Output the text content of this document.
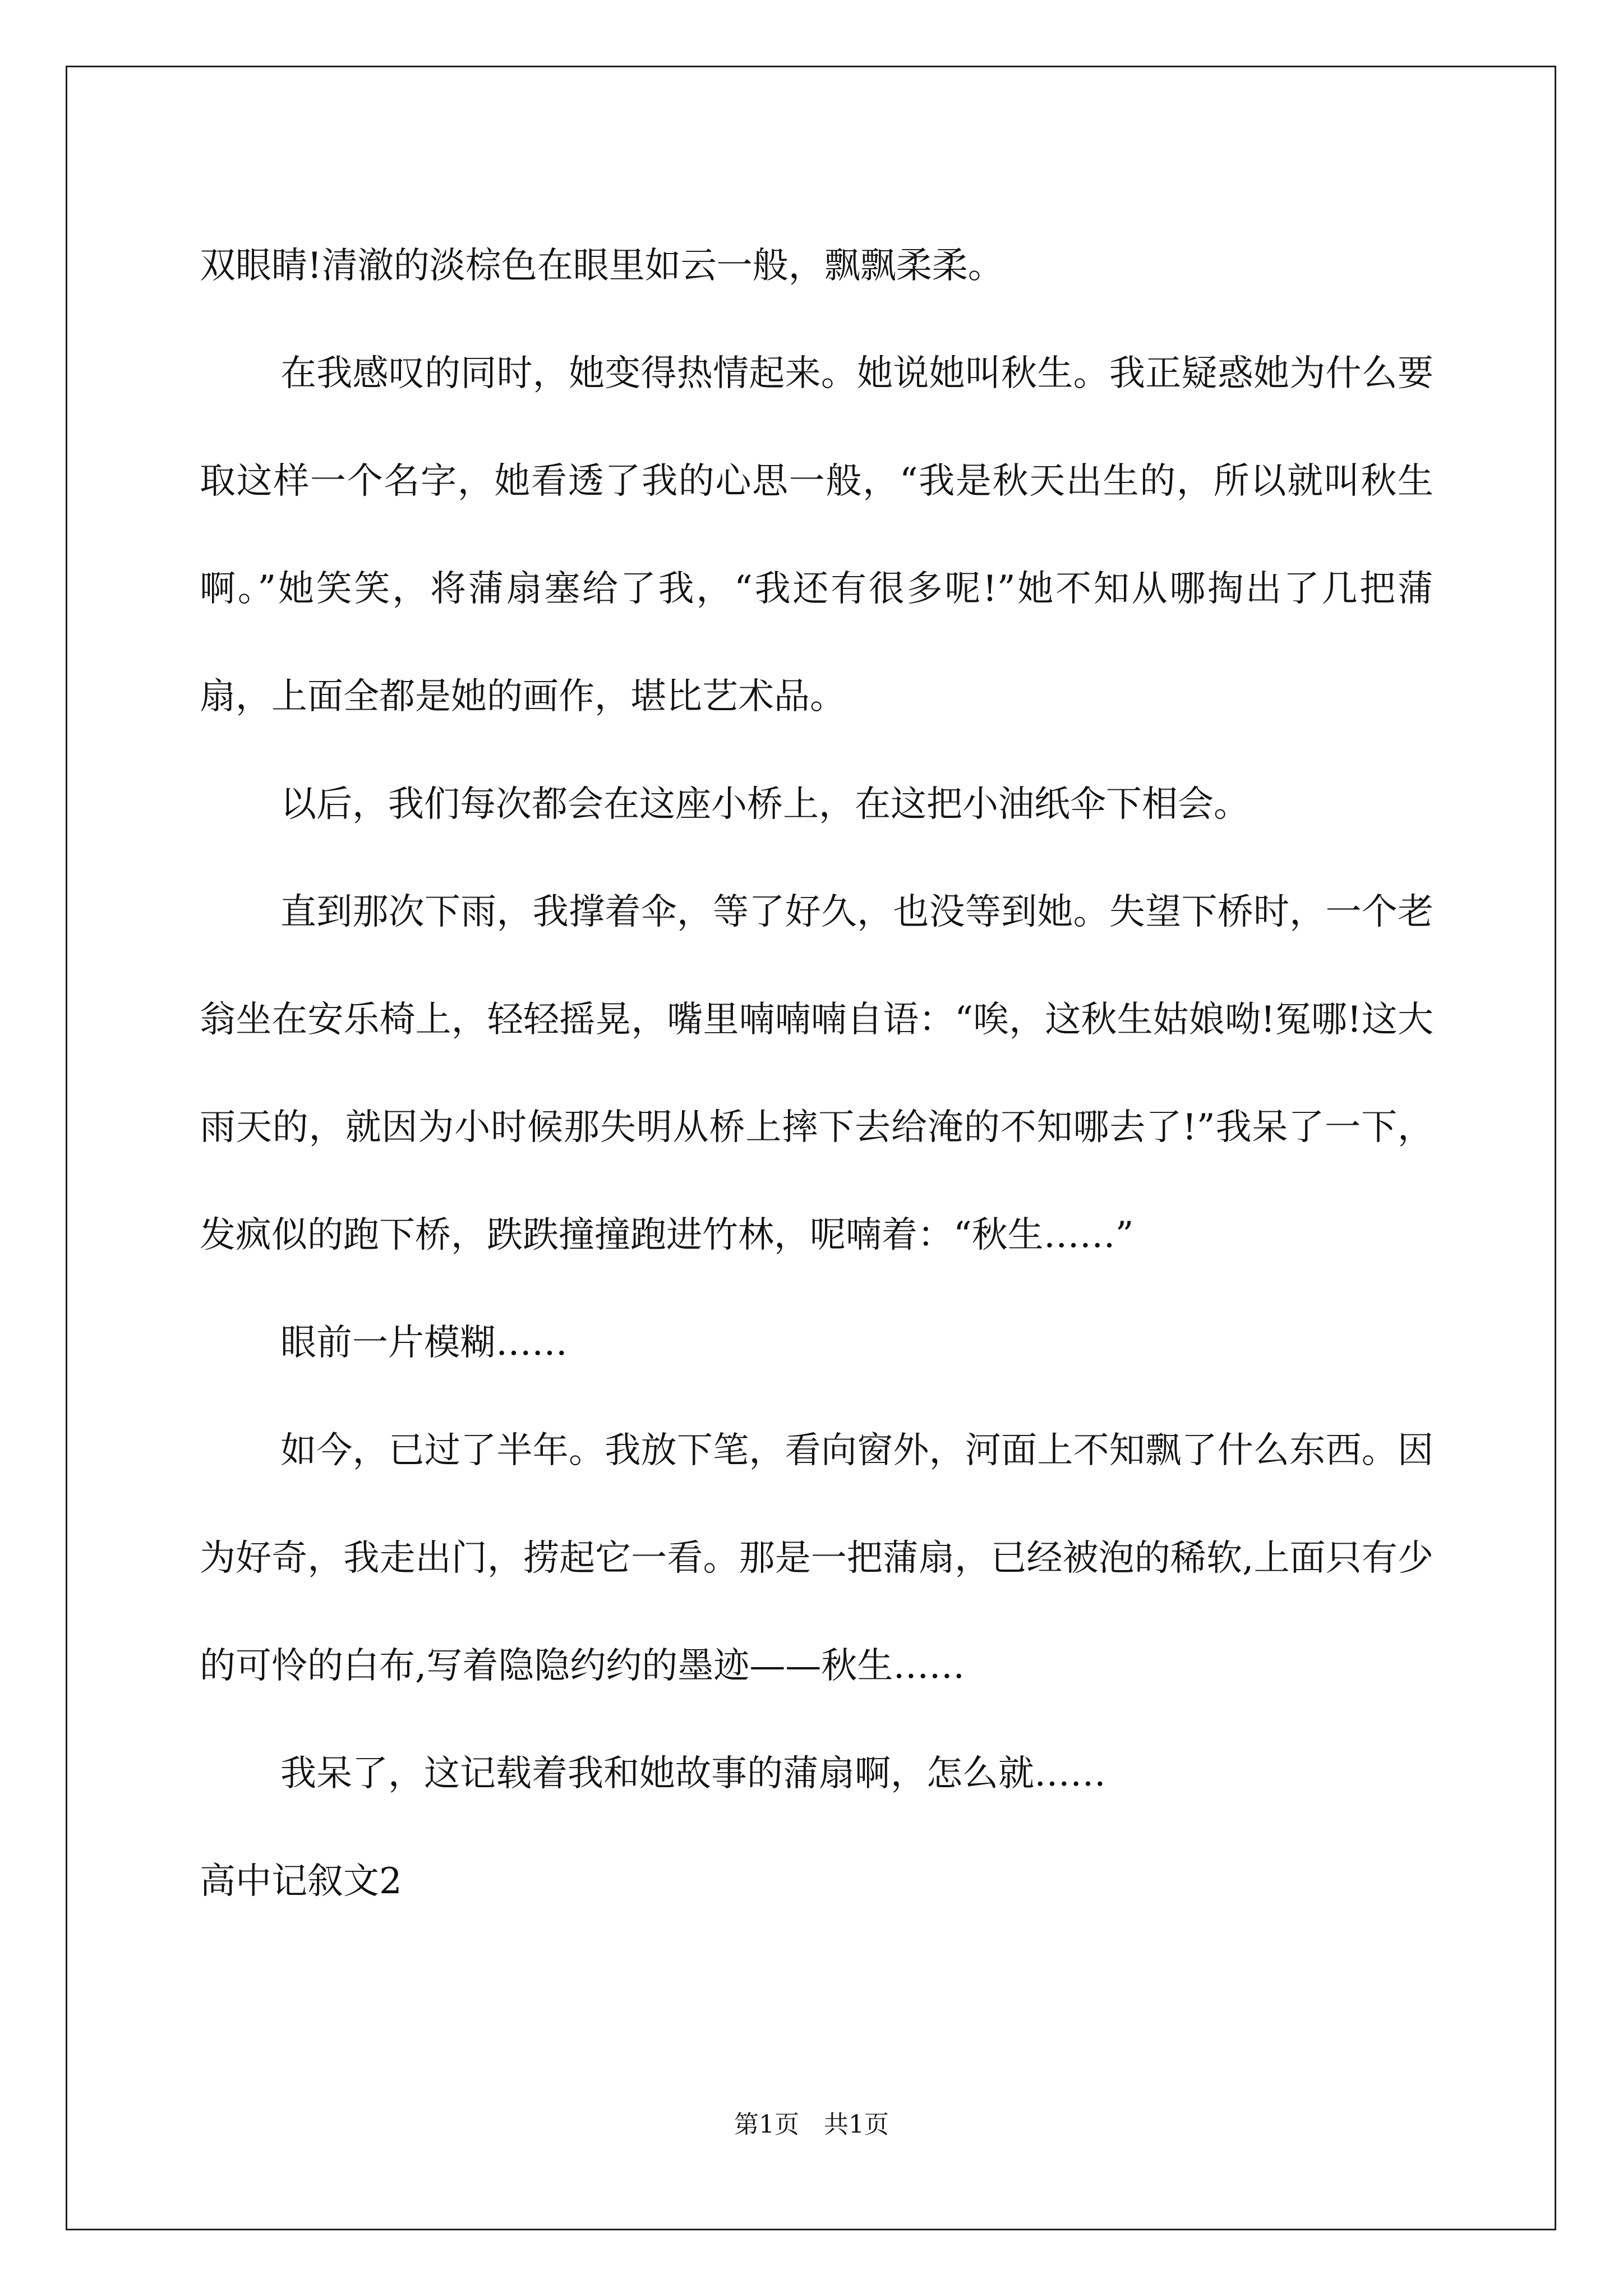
双眼睛!清澈的淡棕色在眼里如云一般，飘飘柔柔。

在我感叹的同时，她变得热情起来。她说她叫秋生。我正疑惑她为什么要取这样一个名字，她看透了我的心思一般，“我是秋天出生的，所以就叫秋生啊。”她笑笑，将蒲扇塞给了我，“我还有很多呢!”她不知从哪掏出了几把蒲扇，上面全都是她的画作，堪比艺术品。

以后，我们每次都会在这座小桥上，在这把小油纸伞下相会。

直到那次下雨，我撑着伞，等了好久，也没等到她。失望下桥时，一个老翁坐在安乐椅上，轻轻摇晃，嘴里喃喃喃自语：“唉，这秋生姑娘呦!冤哪!这大雨天的，就因为小时候那失明从桥上摔下去给淹的不知哪去了!”我呆了一下，发疯似的跑下桥，跌跌撞撞跑进竹林，呢喃着：“秋生……”

眼前一片模糊……

如今，已过了半年。我放下笔，看向窗外，河面上不知飘了什么东西。因为好奇，我走出门，捞起它一看。那是一把蒲扇，已经被泡的稀软,上面只有少的可怜的白布,写着隐隐约约的墨迹——秋生……

我呆了，这记载着我和她故事的蒲扇啊，怎么就……

高中记叙文2

第1页 共1页
